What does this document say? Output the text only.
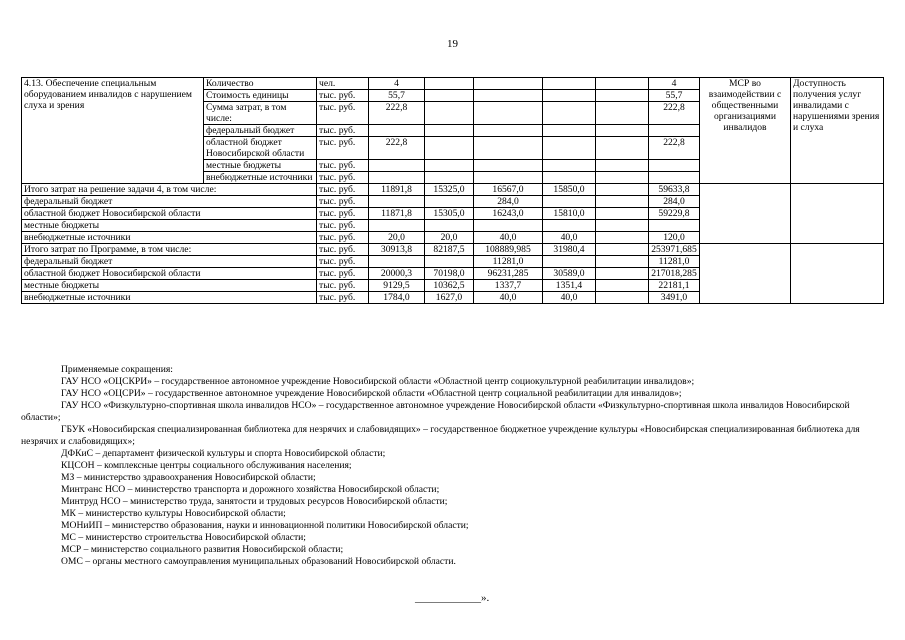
19
4.13. Обеспечение специальным оборудованием инвалидов с нарушением слуха и зрения	Количество	чел.	4					4	МСР во взаимодействии с общественными организациями инвалидов	Доступность получения услуг инвалидами с нарушениями зрения и слуха
	Стоимость единицы	тыс. руб.	55,7					55,7		
	Сумма затрат, в том числе:	тыс. руб.	222,8					222,8		
	федеральный бюджет	тыс. руб.								
	областной бюджет Новосибирской области	тыс. руб.	222,8					222,8		
	местные бюджеты	тыс. руб.								
	внебюджетные источники	тыс. руб.								
Итого затрат на решение задачи 4, в том числе:		тыс. руб.	11891,8	15325,0	16567,0	15850,0		59633,8		
федеральный бюджет		тыс. руб.			284,0			284,0		
областной бюджет Новосибирской области		тыс. руб.	11871,8	15305,0	16243,0	15810,0		59229,8		
местные бюджеты		тыс. руб.								
внебюджетные источники		тыс. руб.	20,0	20,0	40,0	40,0		120,0		
Итого затрат по Программе, в том числе:		тыс. руб.	30913,8	82187,5	108889,985	31980,4		253971,685		
федеральный бюджет		тыс. руб.			11281,0			11281,0		
областной бюджет Новосибирской области		тыс. руб.	20000,3	70198,0	96231,285	30589,0		217018,285		
местные бюджеты		тыс. руб.	9129,5	10362,5	1337,7	1351,4		22181,1		
внебюджетные источники		тыс. руб.	1784,0	1627,0	40,0	40,0		3491,0		
Применяемые сокращения:
ГАУ НСО «ОЦСКРИ» – государственное автономное учреждение Новосибирской области «Областной центр социокультурной реабилитации инвалидов»;
ГАУ НСО «ОЦСРИ» – государственное автономное учреждение Новосибирской области «Областной центр социальной реабилитации для инвалидов»;
ГАУ НСО «Физкультурно-спортивная школа инвалидов НСО» – государственное автономное учреждение Новосибирской области «Физкультурно-спортивная школа инвалидов Новосибирской области»;
ГБУК «Новосибирская специализированная библиотека для незрячих и слабовидящих» – государственное бюджетное учреждение культуры «Новосибирская специализированная библиотека для незрячих и слабовидящих»;
ДФКиС – департамент физической культуры и спорта Новосибирской области;
КЦСОН – комплексные центры социального обслуживания населения;
МЗ – министерство здравоохранения Новосибирской области;
Минтранс НСО – министерство транспорта и дорожного хозяйства Новосибирской области;
Минтруд НСО – министерство труда, занятости и трудовых ресурсов Новосибирской области;
МК – министерство культуры Новосибирской области;
МОНиИП – министерство образования, науки и инновационной политики Новосибирской области;
МС – министерство строительства Новосибирской области;
МСР – министерство социального развития Новосибирской области;
ОМС – органы местного самоуправления муниципальных образований Новосибирской области.
____________».
